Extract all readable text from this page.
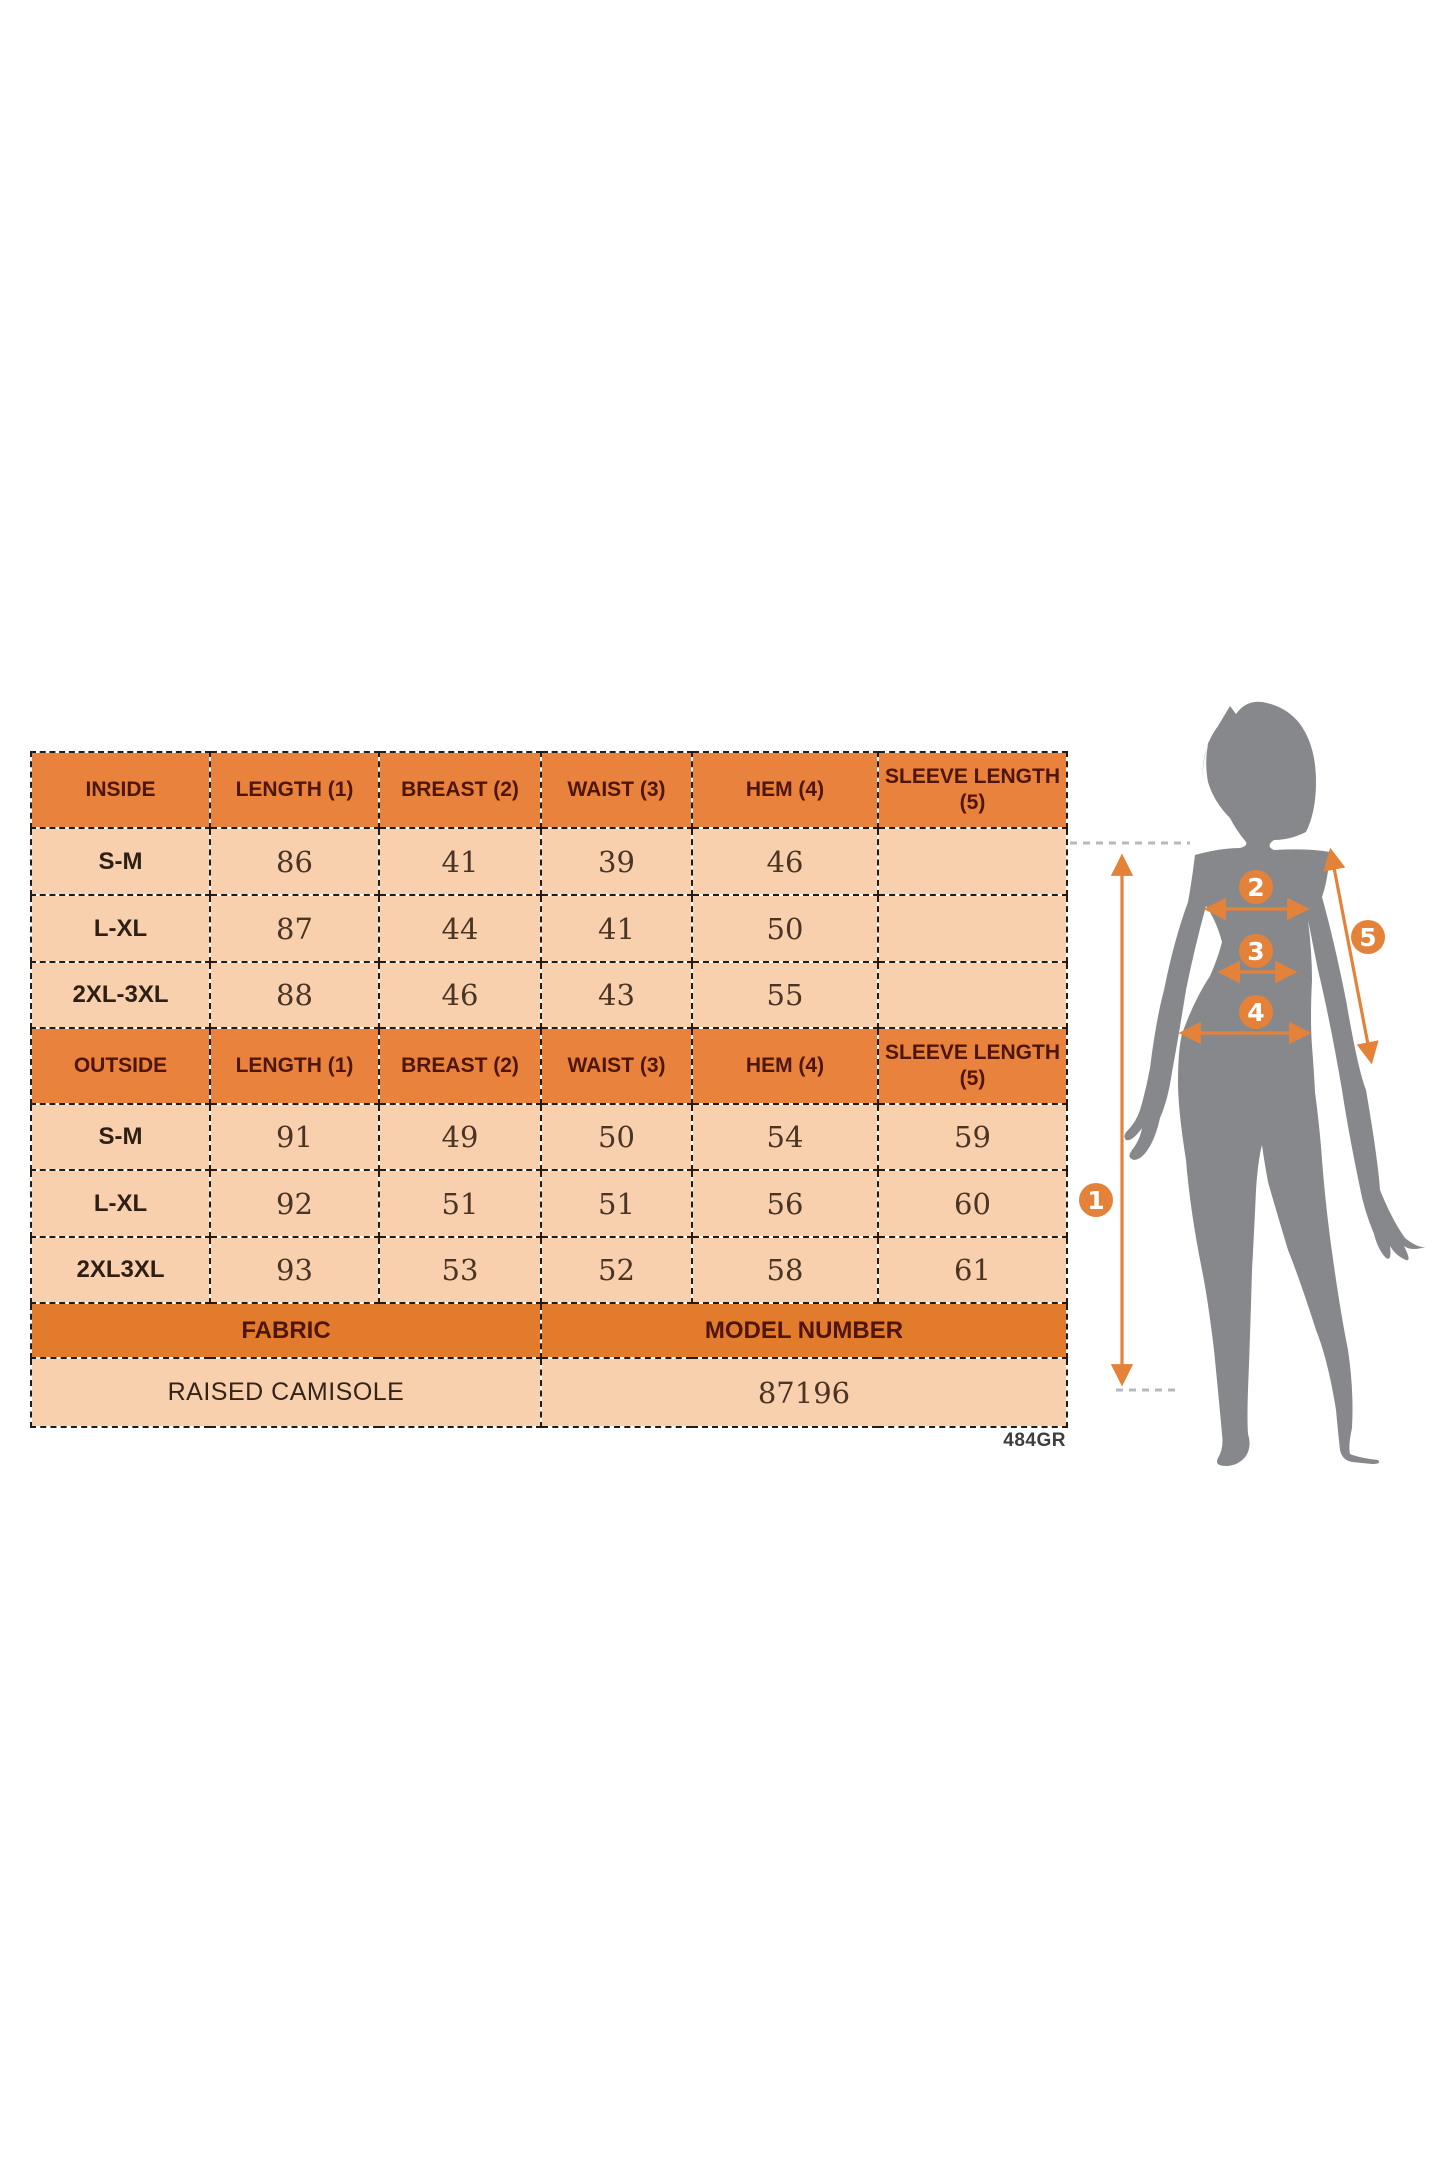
INSIDE	LENGTH (1)	BREAST (2)	WAIST (3)	HEM (4)	SLEEVE LENGTH (5)
S-M	86	41	39	46	
L-XL	87	44	41	50	
2XL-3XL	88	46	43	55	
OUTSIDE	LENGTH (1)	BREAST (2)	WAIST (3)	HEM (4)	SLEEVE LENGTH (5)
S-M	91	49	50	54	59
L-XL	92	51	51	56	60
2XL3XL	93	53	52	58	61
FABRIC			MODEL NUMBER		
RAISED CAMISOLE			87196		
484GR
1
2
3
4
5
